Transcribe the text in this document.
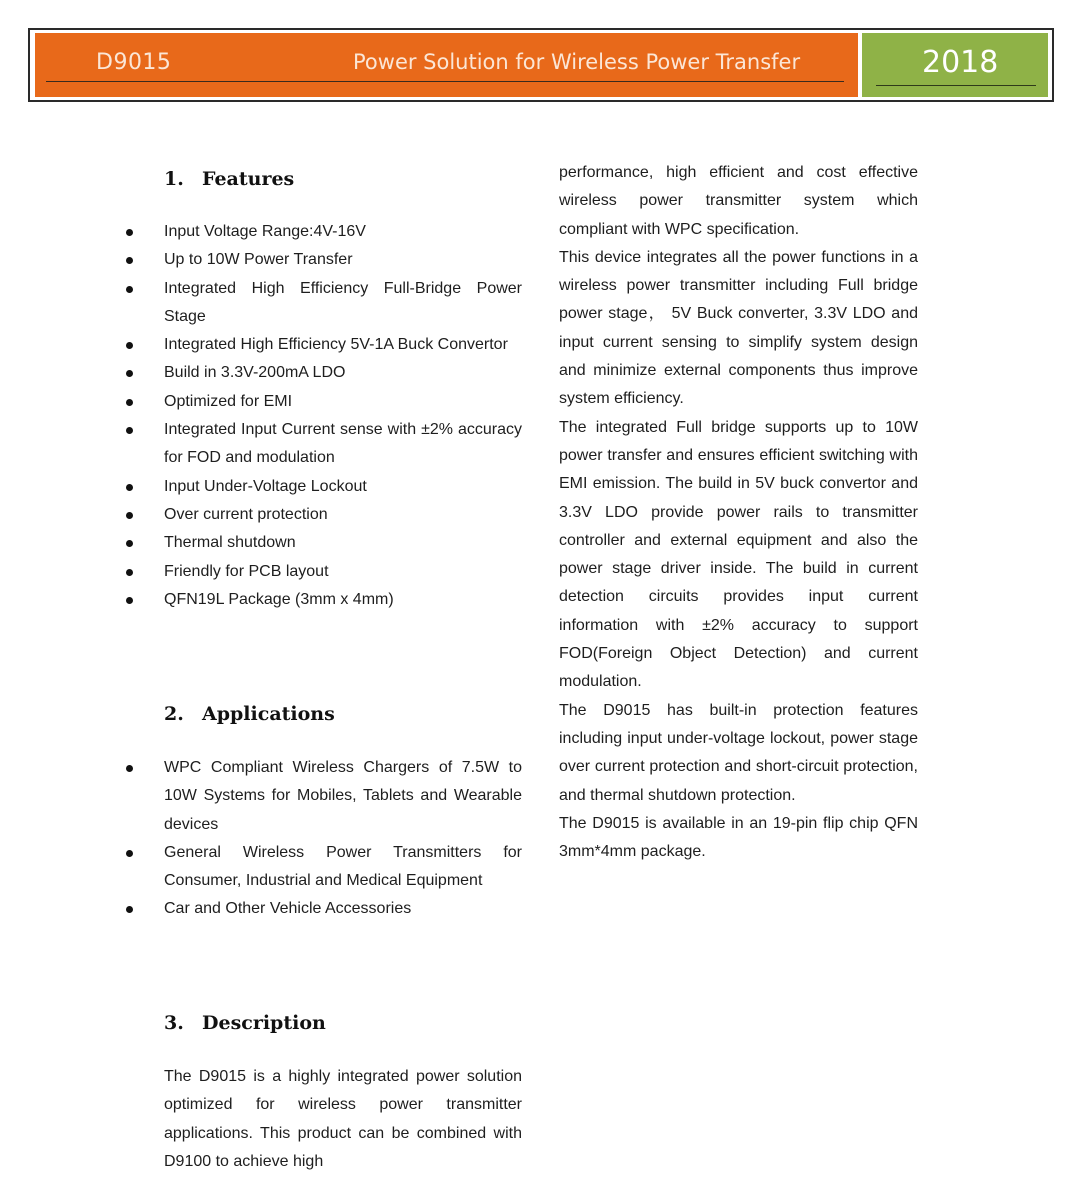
D9015	Power Solution for Wireless Power Transfer	2018
1. Features
Input Voltage Range:4V-16V
Up to 10W Power Transfer
Integrated High Efficiency Full-Bridge Power Stage
Integrated High Efficiency 5V-1A Buck Convertor
Build in 3.3V-200mA LDO
Optimized for EMI
Integrated Input Current sense with ±2% accuracy for FOD and modulation
Input Under-Voltage Lockout
Over current protection
Thermal shutdown
Friendly for PCB layout
QFN19L Package (3mm x 4mm)
2. Applications
WPC Compliant Wireless Chargers of 7.5W to 10W Systems for Mobiles, Tablets and Wearable devices
General Wireless Power Transmitters for Consumer, Industrial and Medical Equipment
Car and Other Vehicle Accessories
3. Description
The D9015 is a highly integrated power solution optimized for wireless power transmitter applications. This product can be combined with D9100 to achieve high

performance, high efficient and cost effective wireless power transmitter system which compliant with WPC specification.

This device integrates all the power functions in a wireless power transmitter including Full bridge power stage， 5V Buck converter, 3.3V LDO and input current sensing to simplify system design and minimize external components thus improve system efficiency.

The integrated Full bridge supports up to 10W power transfer and ensures efficient switching with EMI emission. The build in 5V buck convertor and 3.3V LDO provide power rails to transmitter controller and external equipment and also the power stage driver inside. The build in current detection circuits provides input current information with ±2% accuracy to support FOD(Foreign Object Detection) and current modulation.

The D9015 has built-in protection features including input under-voltage lockout, power stage over current protection and short-circuit protection, and thermal shutdown protection.

The D9015 is available in an 19-pin flip chip QFN 3mm*4mm package.
